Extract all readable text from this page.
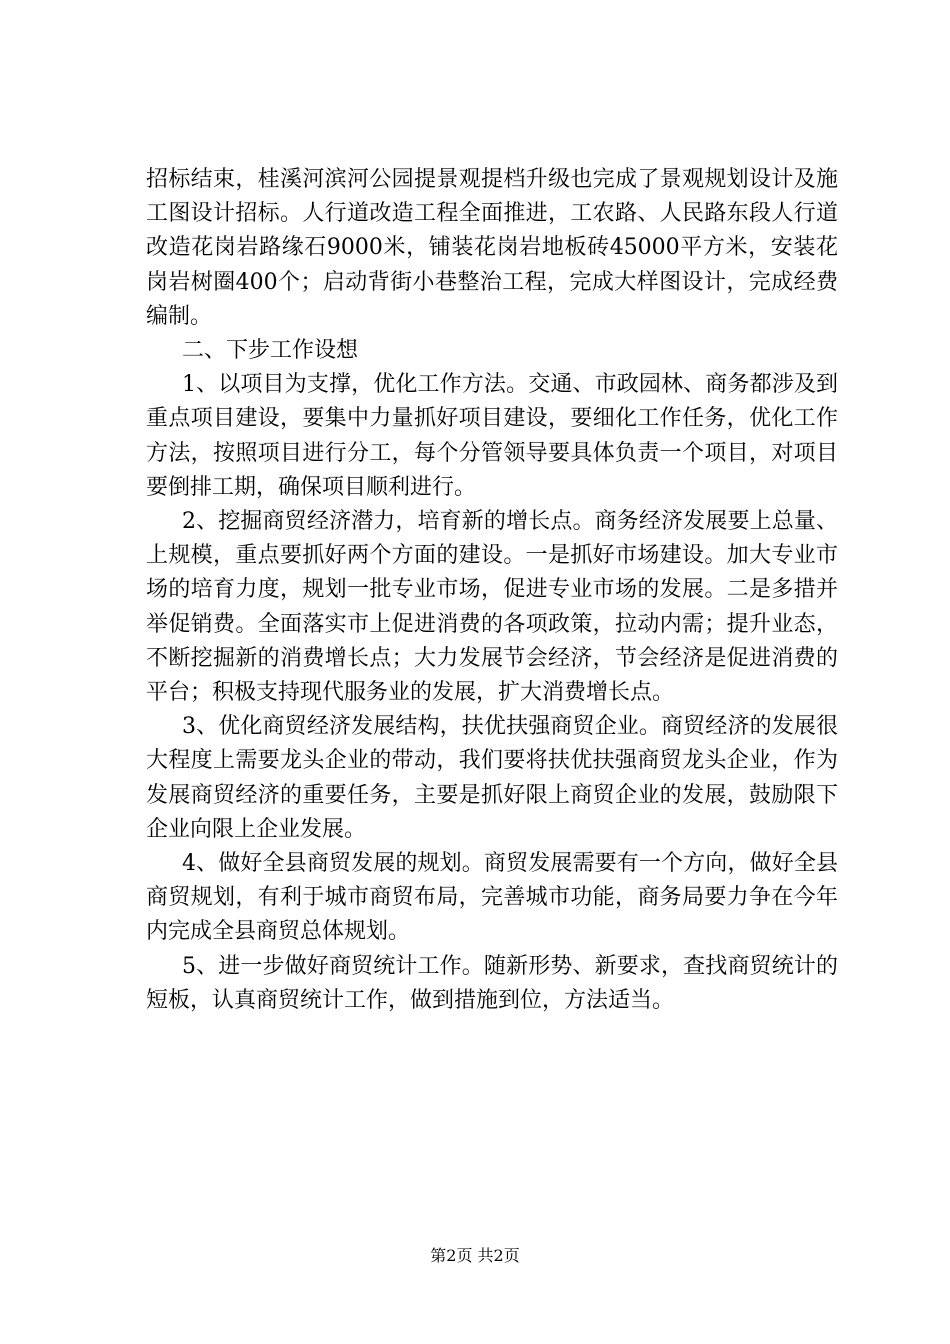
招标结束，桂溪河滨河公园提景观提档升级也完成了景观规划设计及施工图设计招标。人行道改造工程全面推进，工农路、人民路东段人行道改造花岗岩路缘石9000米，铺装花岗岩地板砖45000平方米，安装花岗岩树圈400个；启动背街小巷整治工程，完成大样图设计，完成经费编制。

二、下步工作设想

1、以项目为支撑，优化工作方法。交通、市政园林、商务都涉及到重点项目建设，要集中力量抓好项目建设，要细化工作任务，优化工作方法，按照项目进行分工，每个分管领导要具体负责一个项目，对项目要倒排工期，确保项目顺利进行。

2、挖掘商贸经济潜力，培育新的增长点。商务经济发展要上总量、上规模，重点要抓好两个方面的建设。一是抓好市场建设。加大专业市场的培育力度，规划一批专业市场，促进专业市场的发展。二是多措并举促销费。全面落实市上促进消费的各项政策，拉动内需；提升业态，不断挖掘新的消费增长点；大力发展节会经济，节会经济是促进消费的平台；积极支持现代服务业的发展，扩大消费增长点。

3、优化商贸经济发展结构，扶优扶强商贸企业。商贸经济的发展很大程度上需要龙头企业的带动，我们要将扶优扶强商贸龙头企业，作为发展商贸经济的重要任务，主要是抓好限上商贸企业的发展，鼓励限下企业向限上企业发展。

4、做好全县商贸发展的规划。商贸发展需要有一个方向，做好全县商贸规划，有利于城市商贸布局，完善城市功能，商务局要力争在今年内完成全县商贸总体规划。

5、进一步做好商贸统计工作。随新形势、新要求，查找商贸统计的短板，认真商贸统计工作，做到措施到位，方法适当。

第2页 共2页
